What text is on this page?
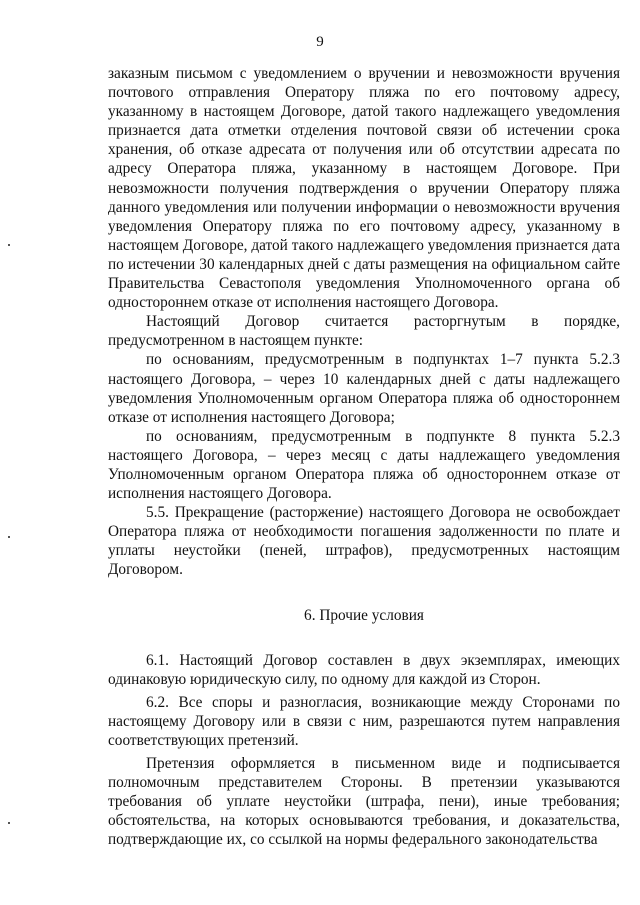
9

заказным письмом с уведомлением о вручении и невозможности вручения почтового отправления Оператору пляжа по его почтовому адресу, указанному в настоящем Договоре, датой такого надлежащего уведомления признается дата отметки отделения почтовой связи об истечении срока хранения, об отказе адресата от получения или об отсутствии адресата по адресу Оператора пляжа, указанному в настоящем Договоре. При невозможности получения подтверждения о вручении Оператору пляжа данного уведомления или получении информации о невозможности вручения уведомления Оператору пляжа по его почтовому адресу, указанному в настоящем Договоре, датой такого надлежащего уведомления признается дата по истечении 30 календарных дней с даты размещения на официальном сайте Правительства Севастополя уведомления Уполномоченного органа об одностороннем отказе от исполнения настоящего Договора.

Настоящий Договор считается расторгнутым в порядке, предусмотренном в настоящем пункте:

по основаниям, предусмотренным в подпунктах 1–7 пункта 5.2.3 настоящего Договора, – через 10 календарных дней с даты надлежащего уведомления Уполномоченным органом Оператора пляжа об одностороннем отказе от исполнения настоящего Договора;

по основаниям, предусмотренным в подпункте 8 пункта 5.2.3 настоящего Договора, – через месяц с даты надлежащего уведомления Уполномоченным органом Оператора пляжа об одностороннем отказе от исполнения настоящего Договора.

5.5. Прекращение (расторжение) настоящего Договора не освобождает Оператора пляжа от необходимости погашения задолженности по плате и уплаты неустойки (пеней, штрафов), предусмотренных настоящим Договором.

6. Прочие условия

6.1. Настоящий Договор составлен в двух экземплярах, имеющих одинаковую юридическую силу, по одному для каждой из Сторон.

6.2. Все споры и разногласия, возникающие между Сторонами по настоящему Договору или в связи с ним, разрешаются путем направления соответствующих претензий.

Претензия оформляется в письменном виде и подписывается полномочным представителем Стороны. В претензии указываются требования об уплате неустойки (штрафа, пени), иные требования; обстоятельства, на которых основываются требования, и доказательства, подтверждающие их, со ссылкой на нормы федерального законодательства
